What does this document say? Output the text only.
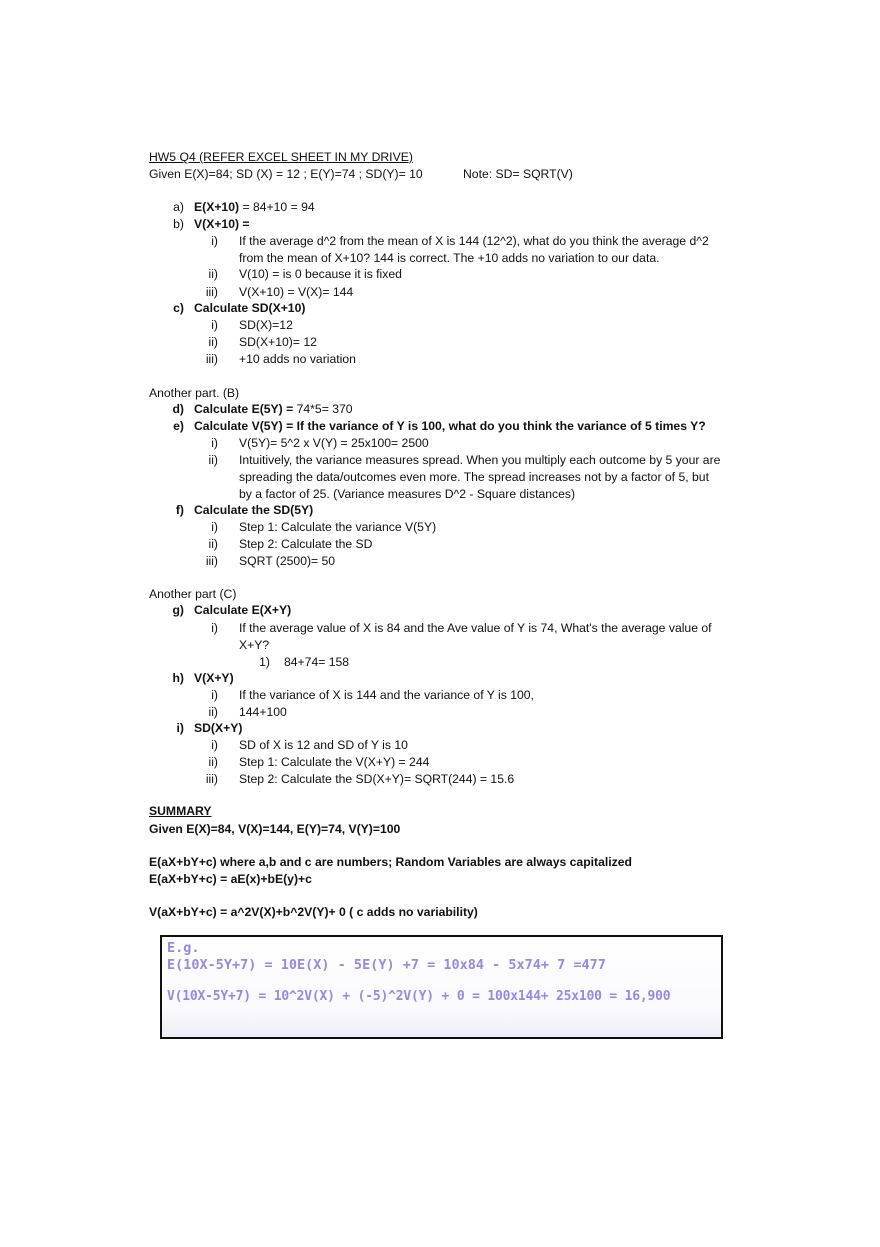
HW5 Q4 (REFER EXCEL SHEET IN MY DRIVE)
Given E(X)=84; SD (X) = 12 ; E(Y)=74 ; SD(Y)= 10	Note: SD= SQRT(V)
a) E(X+10) = 84+10 = 94
b) V(X+10) =
i) If the average d^2 from the mean of X is 144 (12^2), what do you think the average d^2
from the mean of X+10? 144 is correct. The +10 adds no variation to our data.
ii) V(10) = is 0 because it is fixed
iii) V(X+10) = V(X)= 144
c) Calculate SD(X+10)
i) SD(X)=12
ii) SD(X+10)= 12
iii) +10 adds no variation
Another part. (B)
d) Calculate E(5Y) = 74*5= 370
e) Calculate V(5Y) = If the variance of Y is 100, what do you think the variance of 5 times Y?
i) V(5Y)= 5^2 x V(Y) = 25x100= 2500
ii) Intuitively, the variance measures spread. When you multiply each outcome by 5 your are
spreading the data/outcomes even more. The spread increases not by a factor of 5, but
by a factor of 25. (Variance measures D^2 - Square distances)
f) Calculate the SD(5Y)
i) Step 1: Calculate the variance V(5Y)
ii) Step 2: Calculate the SD
iii) SQRT (2500)= 50
Another part (C)
g) Calculate E(X+Y)
i) If the average value of X is 84 and the Ave value of Y is 74, What's the average value of
X+Y?
1) 84+74= 158
h) V(X+Y)
i) If the variance of X is 144 and the variance of Y is 100,
ii) 144+100
i) SD(X+Y)
i) SD of X is 12 and SD of Y is 10
ii) Step 1: Calculate the V(X+Y) = 244
iii) Step 2: Calculate the SD(X+Y)= SQRT(244) = 15.6
SUMMARY
Given E(X)=84, V(X)=144, E(Y)=74, V(Y)=100
E(aX+bY+c) where a,b and c are numbers; Random Variables are always capitalized
E(aX+bY+c) = aE(x)+bE(y)+c
V(aX+bY+c) = a^2V(X)+b^2V(Y)+ 0 ( c adds no variability)
E.g.
E(10X-5Y+7) = 10E(X) - 5E(Y) +7 = 10x84 - 5x74+ 7 =477
V(10X-5Y+7) = 10^2V(X) + (-5)^2V(Y) + 0 = 100x144+ 25x100 = 16,900
